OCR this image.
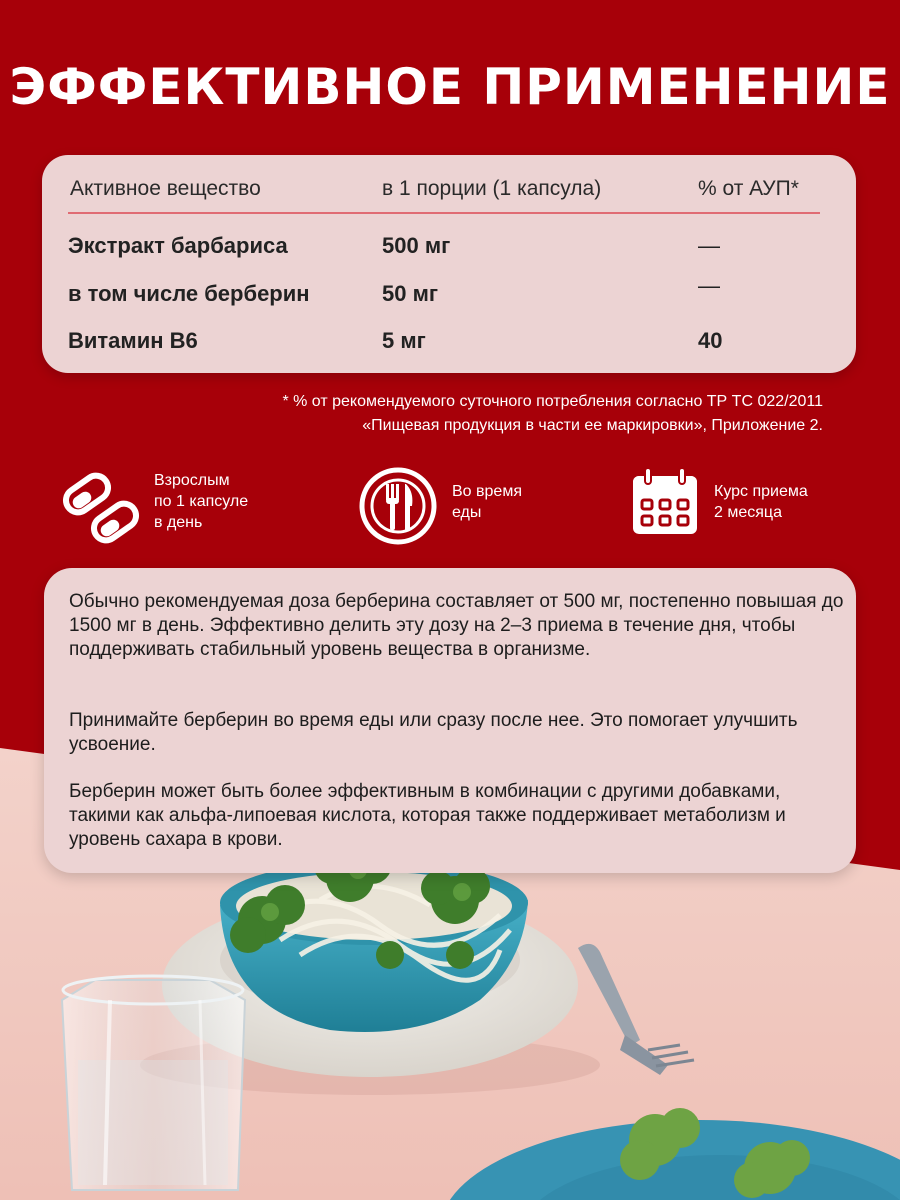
ЭФФЕКТИВНОЕ ПРИМЕНЕНИЕ
Активное вещество	в 1 порции (1 капсула)	% от АУП*
Экстракт барбариса	500 мг	—
в том числе берберин	50 мг	—
Витамин В6	5 мг	40
* % от рекомендуемого суточного потребления согласно ТР ТС 022/2011
«Пищевая продукция в части ее маркировки», Приложение 2.
Взрослым
по 1 капсуле
в день
Во время
еды
Курс приема
2 месяца

Обычно рекомендуемая доза берберина составляет от 500 мг, постепенно повышая до 1500 мг в день. Эффективно делить эту дозу на 2–3 приема в течение дня, чтобы поддерживать стабильный уровень вещества в организме.

Принимайте берберин во время еды или сразу после нее. Это помогает улучшить усвоение.

Берберин может быть более эффективным в комбинации с другими добавками, такими как альфа-липоевая кислота, которая также поддерживает метаболизм и уровень сахара в крови.
